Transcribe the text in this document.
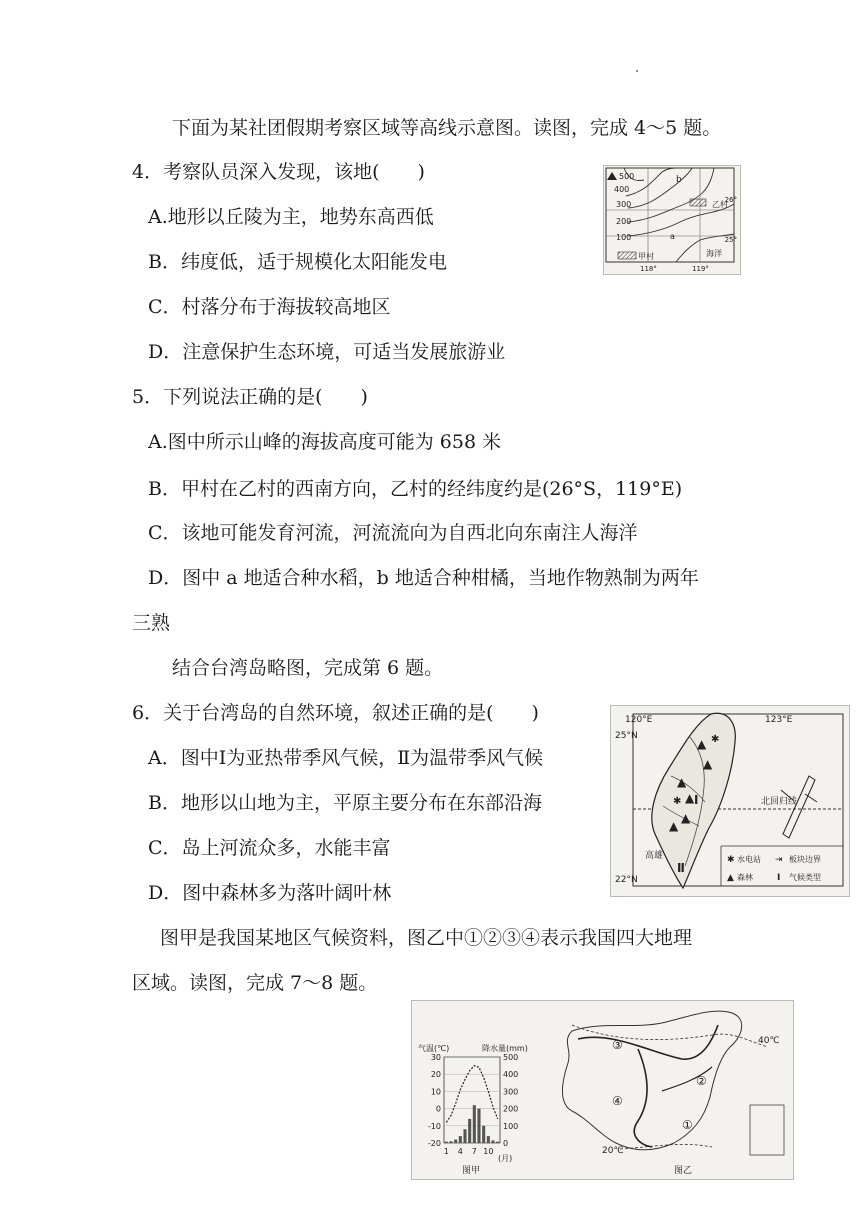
下面为某社团假期考察区域等高线示意图。读图，完成 4～5 题。
4．考察队员深入发现，该地(　　)
A.地形以丘陵为主，地势东高西低
B．纬度低，适于规模化太阳能发电
C．村落分布于海拔较高地区
D．注意保护生态环境，可适当发展旅游业
5．下列说法正确的是(　　)
A.图中所示山峰的海拔高度可能为 658 米
B．甲村在乙村的西南方向，乙村的经纬度约是(26°S，119°E)
C．该地可能发育河流，河流流向为自西北向东南注人海洋
D．图中 a 地适合种水稻，b 地适合种柑橘，当地作物熟制为两年
三熟
结合台湾岛略图，完成第 6 题。
6．关于台湾岛的自然环境，叙述正确的是(　　)
A．图中Ⅰ为亚热带季风气候，Ⅱ为温带季风气候
B．地形以山地为主，平原主要分布在东部沿海
C．岛上河流众多，水能丰富
D．图中森林多为落叶阔叶林
图甲是我国某地区气候资料，图乙中①②③④表示我国四大地理
区域。读图，完成 7～8 题。
500
400
300
200
100
b
a
乙村
甲村	海洋
26°
25°
118°	119°
▲
▲
▲
▲
▲
▲
✱
✱ Ⅰ
Ⅱ
25°N
22°N
120°E	123°E
北回归线
高雄	✱ 水电站 ⇥ 板块边界
▲ 森林	I 气候类型
气温(℃)	降水量(mm)
30
20
10
0
-10
-20
500
400
300
200
100
0
1 4 7 10
(月)
图甲
③
④
②
①
40℃
20℃
图乙
